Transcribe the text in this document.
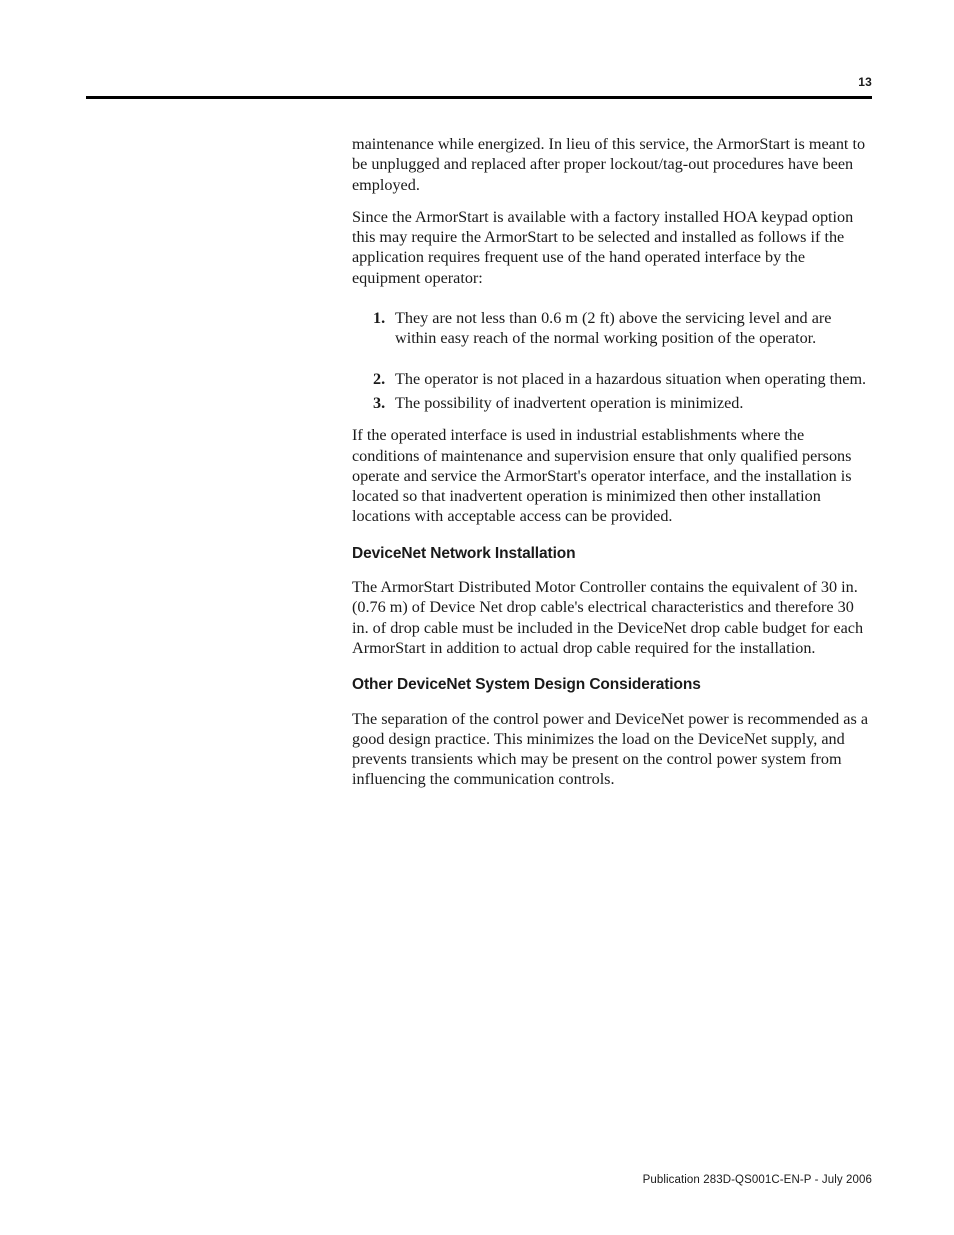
13

maintenance while energized. In lieu of this service, the ArmorStart is meant to be unplugged and replaced after proper lockout/tag-out procedures have been employed.

Since the ArmorStart is available with a factory installed HOA keypad option this may require the ArmorStart to be selected and installed as follows if the application requires frequent use of the hand operated interface by the equipment operator:

1. They are not less than 0.6 m (2 ft) above the servicing level and are within easy reach of the normal working position of the operator.
2. The operator is not placed in a hazardous situation when operating them.
3. The possibility of inadvertent operation is minimized.

If the operated interface is used in industrial establishments where the conditions of maintenance and supervision ensure that only qualified persons operate and service the ArmorStart's operator interface, and the installation is located so that inadvertent operation is minimized then other installation locations with acceptable access can be provided.

DeviceNet Network Installation

The ArmorStart Distributed Motor Controller contains the equivalent of 30 in. (0.76 m) of Device Net drop cable's electrical characteristics and therefore 30 in. of drop cable must be included in the DeviceNet drop cable budget for each ArmorStart in addition to actual drop cable required for the installation.

Other DeviceNet System Design Considerations

The separation of the control power and DeviceNet power is recommended as a good design practice. This minimizes the load on the DeviceNet supply, and prevents transients which may be present on the control power system from influencing the communication controls.

Publication 283D-QS001C-EN-P - July 2006
